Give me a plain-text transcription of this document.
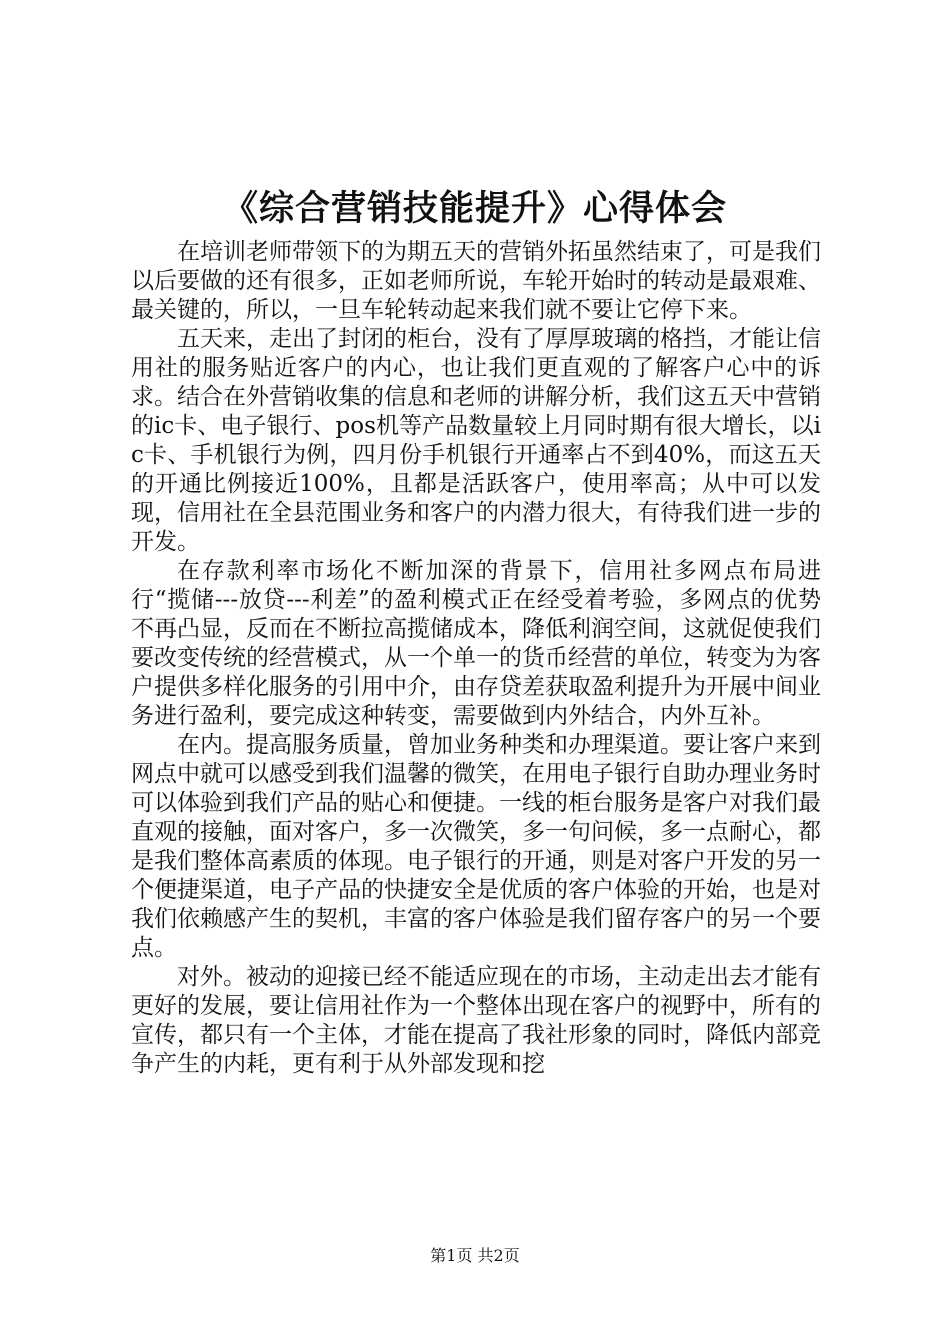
《综合营销技能提升》心得体会

在培训老师带领下的为期五天的营销外拓虽然结束了，可是我们以后要做的还有很多，正如老师所说，车轮开始时的转动是最艰难、最关键的，所以，一旦车轮转动起来我们就不要让它停下来。

五天来，走出了封闭的柜台，没有了厚厚玻璃的格挡，才能让信用社的服务贴近客户的内心，也让我们更直观的了解客户心中的诉求。结合在外营销收集的信息和老师的讲解分析，我们这五天中营销的ic卡、电子银行、pos机等产品数量较上月同时期有很大增长，以ic卡、手机银行为例，四月份手机银行开通率占不到40%，而这五天的开通比例接近100%，且都是活跃客户，使用率高；从中可以发现，信用社在全县范围业务和客户的内潜力很大，有待我们进一步的开发。

在存款利率市场化不断加深的背景下，信用社多网点布局进行“揽储---放贷---利差”的盈利模式正在经受着考验，多网点的优势不再凸显，反而在不断拉高揽储成本，降低利润空间，这就促使我们要改变传统的经营模式，从一个单一的货币经营的单位，转变为为客户提供多样化服务的引用中介，由存贷差获取盈利提升为开展中间业务进行盈利，要完成这种转变，需要做到内外结合，内外互补。

在内。提高服务质量，曾加业务种类和办理渠道。要让客户来到网点中就可以感受到我们温馨的微笑，在用电子银行自助办理业务时可以体验到我们产品的贴心和便捷。一线的柜台服务是客户对我们最直观的接触，面对客户，多一次微笑，多一句问候，多一点耐心，都是我们整体高素质的体现。电子银行的开通，则是对客户开发的另一个便捷渠道，电子产品的快捷安全是优质的客户体验的开始，也是对我们依赖感产生的契机，丰富的客户体验是我们留存客户的另一个要点。

对外。被动的迎接已经不能适应现在的市场，主动走出去才能有更好的发展，要让信用社作为一个整体出现在客户的视野中，所有的宣传，都只有一个主体，才能在提高了我社形象的同时，降低内部竞争产生的内耗，更有利于从外部发现和挖

第1页 共2页
